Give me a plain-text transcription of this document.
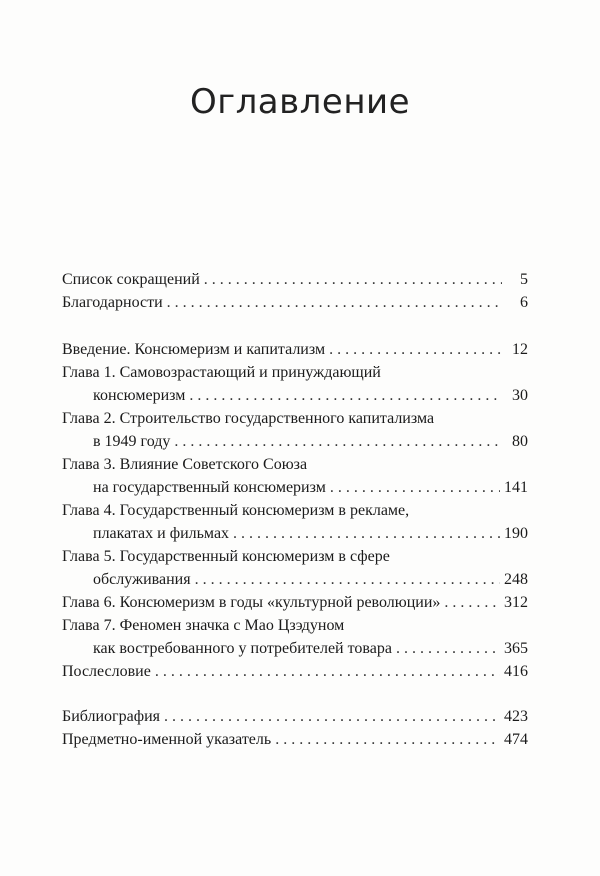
Оглавление
Список сокращений . . .	5
Благодарности . . .	6
Введение. Консюмеризм и капитализм . . .	12
Глава 1. Самовозрастающий и принуждающий
консюмеризм . . .	30
Глава 2. Строительство государственного капитализма
в 1949 году . . .	80
Глава 3. Влияние Советского Союза
на государственный консюмеризм . . .	141
Глава 4. Государственный консюмеризм в рекламе,
плакатах и фильмах . . .	190
Глава 5. Государственный консюмеризм в сфере
обслуживания . . .	248
Глава 6. Консюмеризм в годы «культурной революции» . . .	312
Глава 7. Феномен значка с Мао Цзэдуном
как востребованного у потребителей товара . . .	365
Послесловие . . .	416
Библиография . . .	423
Предметно-именной указатель . . .	474
